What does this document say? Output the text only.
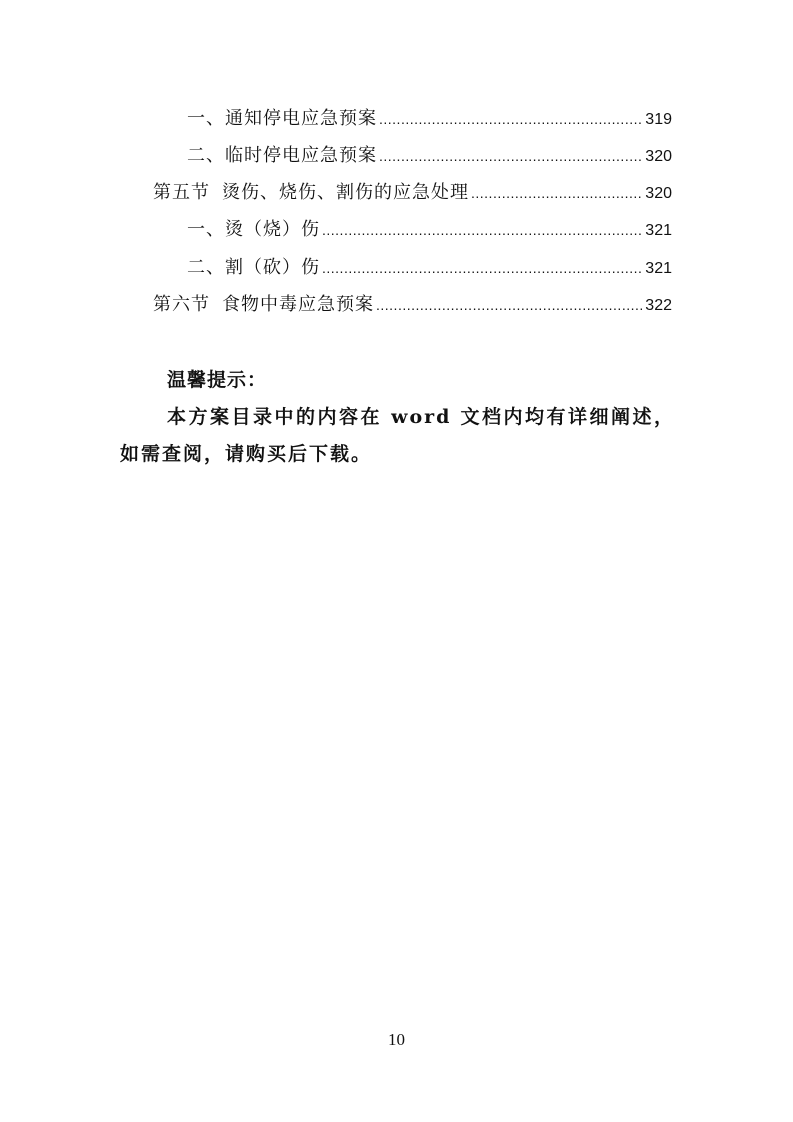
一、 通知停电应急预案 .....	319
二、 临时停电应急预案 .....	320
第五节 烫伤、烧伤、割伤的应急处理 .....	320
一、 烫（烧）伤 .....	321
二、 割（砍）伤 .....	321
第六节 食物中毒应急预案 .....	322
温馨提示：
本方案目录中的内容在 word 文档内均有详细阐述，如需查阅，请购买后下载。
10
